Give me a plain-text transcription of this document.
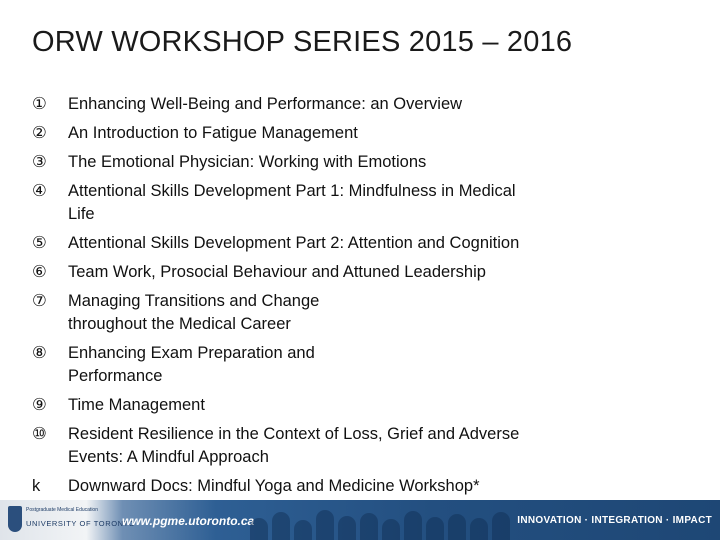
ORW WORKSHOP SERIES 2015 – 2016
①	Enhancing Well-Being and Performance: an Overview
②	An Introduction to Fatigue Management
③	The Emotional Physician: Working with Emotions
④	Attentional Skills Development Part 1: Mindfulness in Medical Life
⑤	Attentional Skills Development Part 2: Attention and Cognition
⑥	Team Work, Prosocial Behaviour and Attuned Leadership
⑦	Managing Transitions and Change throughout the Medical Career
⑧	Enhancing Exam Preparation and Performance
⑨	Time Management
⑩	Resident Resilience in the Context of Loss, Grief and Adverse Events: A Mindful Approach
k	Downward Docs: Mindful Yoga and Medicine Workshop*
Postgraduate Medical Education
UNIVERSITY OF TORONTO
www.pgme.utoronto.ca	INNOVATION · INTEGRATION · IMPACT
